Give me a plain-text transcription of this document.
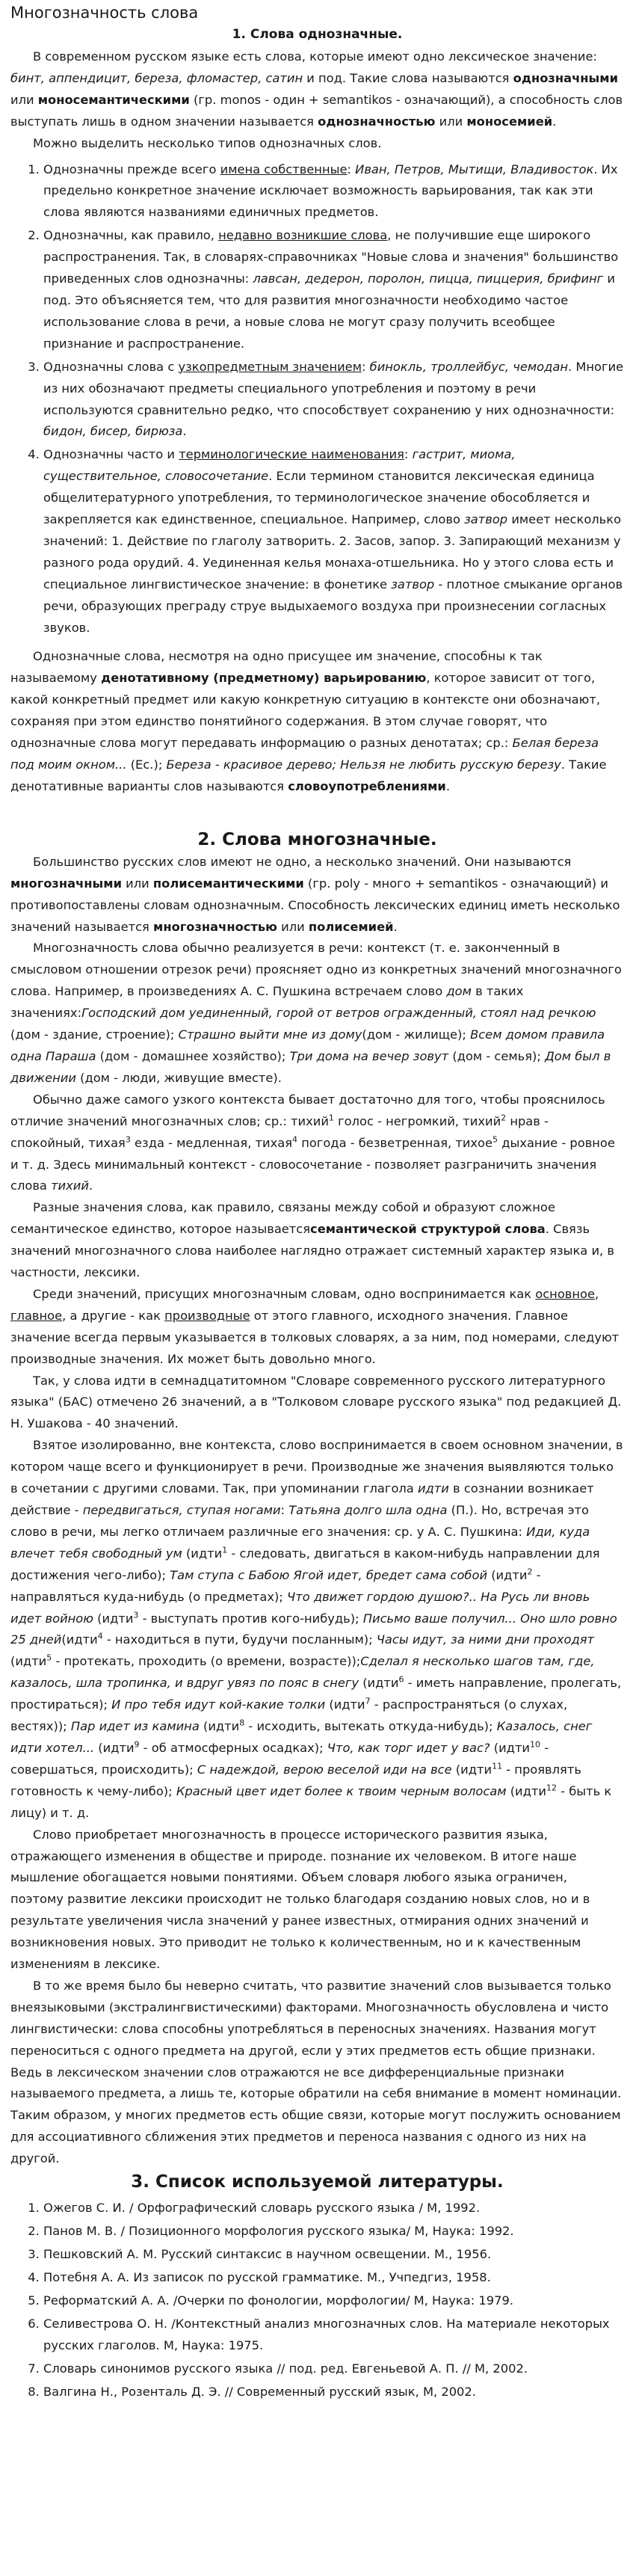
Многозначность слова
1. Слова однозначные.

В современном русском языке есть слова, которые имеют одно лексическое значение: бинт, аппендицит, береза, фломастер, сатин и под. Такие слова называются однозначными или моносемантическими (гр. monos - один + semantikos - означающий), а способность слов выступать лишь в одном значении называется однозначностью или моносемией.

Можно выделить несколько типов однозначных слов.

1. Однозначны прежде всего имена собственные: Иван, Петров, Мытищи, Владивосток. Их предельно конкретное значение исключает возможность варьирования, так как эти слова являются названиями единичных предметов.
2. Однозначны, как правило, недавно возникшие слова, не получившие еще широкого распространения. Так, в словарях-справочниках "Новые слова и значения" большинство приведенных слов однозначны: лавсан, дедерон, поролон, пицца, пиццерия, брифинг и под. Это объясняется тем, что для развития многозначности необходимо частое использование слова в речи, а новые слова не могут сразу получить всеобщее признание и распространение.
3. Однозначны слова с узкопредметным значением: бинокль, троллейбус, чемодан. Многие из них обозначают предметы специального употребления и поэтому в речи используются сравнительно редко, что способствует сохранению у них однозначности: бидон, бисер, бирюза.
4. Однозначны часто и терминологические наименования: гастрит, миома, существительное, словосочетание. Если термином становится лексическая единица общелитературного употребления, то терминологическое значение обособляется и закрепляется как единственное, специальное. Например, слово затвор имеет несколько значений: 1. Действие по глаголу затворить. 2. Засов, запор. 3. Запирающий механизм у разного рода орудий. 4. Уединенная келья монаха-отшельника. Но у этого слова есть и специальное лингвистическое значение: в фонетике затвор - плотное смыкание органов речи, образующих преграду струе выдыхаемого воздуха при произнесении согласных звуков.

Однозначные слова, несмотря на одно присущее им значение, способны к так называемому денотативному (предметному) варьированию, которое зависит от того, какой конкретный предмет или какую конкретную ситуацию в контексте они обозначают, сохраняя при этом единство понятийного содержания. В этом случае говорят, что однозначные слова могут передавать информацию о разных денотатах; ср.: Белая береза под моим окном... (Ес.); Береза - красивое дерево; Нельзя не любить русскую березу. Такие денотативные варианты слов называются словоупотреблениями.

2. Слова многозначные.

Большинство русских слов имеют не одно, а несколько значений. Они называются многозначными или полисемантическими (гр. poly - много + semantikos - означающий) и противопоставлены словам однозначным. Способность лексических единиц иметь несколько значений называется многозначностью или полисемией.

Многозначность слова обычно реализуется в речи: контекст (т. е. законченный в смысловом отношении отрезок речи) проясняет одно из конкретных значений многозначного слова. Например, в произведениях А. С. Пушкина встречаем слово дом в таких значениях:Господский дом уединенный, горой от ветров огражденный, стоял над речкою (дом - здание, строение); Страшно выйти мне из дому(дом - жилище); Всем домом правила одна Параша (дом - домашнее хозяйство); Три дома на вечер зовут (дом - семья); Дом был в движении (дом - люди, живущие вместе).

Обычно даже самого узкого контекста бывает достаточно для того, чтобы прояснилось отличие значений многозначных слов; ср.: тихий$^1$ голос - негромкий, тихий$^2$ нрав - спокойный, тихая$^3$ езда - медленная, тихая$^4$ погода - безветренная, тихое$^5$ дыхание - ровное и т. д. Здесь минимальный контекст - словосочетание - позволяет разграничить значения слова тихий.

Разные значения слова, как правило, связаны между собой и образуют сложное семантическое единство, которое называетсясемантической структурой слова. Связь значений многозначного слова наиболее наглядно отражает системный характер языка и, в частности, лексики.

Среди значений, присущих многозначным словам, одно воспринимается как основное, главное, а другие - как производные от этого главного, исходного значения. Главное значение всегда первым указывается в толковых словарях, а за ним, под номерами, следуют производные значения. Их может быть довольно много.

Так, у слова идти в семнадцатитомном "Словаре современного русского литературного языка" (БАС) отмечено 26 значений, а в "Толковом словаре русского языка" под редакцией Д. Н. Ушакова - 40 значений.

Взятое изолированно, вне контекста, слово воспринимается в своем основном значении, в котором чаще всего и функционирует в речи. Производные же значения выявляются только в сочетании с другими словами. Так, при упоминании глагола идти в сознании возникает действие - передвигаться, ступая ногами: Татьяна долго шла одна (П.). Но, встречая это слово в речи, мы легко отличаем различные его значения: ср. у А. С. Пушкина: Иди, куда влечет тебя свободный ум (идти$^1$ - следовать, двигаться в каком-нибудь направлении для достижения чего-либо); Там ступа с Бабою Ягой идет, бредет сама собой (идти$^2$ - направляться куда-нибудь (о предметах); Что движет гордою душою?.. На Русь ли вновь идет войною (идти$^3$ - выступать против кого-нибудь); Письмо ваше получил... Оно шло ровно 25 дней(идти$^4$ - находиться в пути, будучи посланным); Часы идут, за ними дни проходят (идти$^5$ - протекать, проходить (о времени, возрасте));Сделал я несколько шагов там, где, казалось, шла тропинка, и вдруг увяз по пояс в снегу (идти$^6$ - иметь направление, пролегать, простираться); И про тебя идут кой-какие толки (идти$^7$ - распространяться (о слухах, вестях)); Пар идет из камина (идти$^8$ - исходить, вытекать откуда-нибудь); Казалось, снег идти хотел... (идти$^9$ - об атмосферных осадках); Что, как торг идет у вас? (идти$^{10}$ - совершаться, происходить); С надеждой, верою веселой иди на все (идти$^{11}$ - проявлять готовность к чему-либо); Красный цвет идет более к твоим черным волосам (идти$^{12}$ - быть к лицу) и т. д.

Слово приобретает многозначность в процессе исторического развития языка, отражающего изменения в обществе и природе. познание их человеком. В итоге наше мышление обогащается новыми понятиями. Объем словаря любого языка ограничен, поэтому развитие лексики происходит не только благодаря созданию новых слов, но и в результате увеличения числа значений у ранее известных, отмирания одних значений и возникновения новых. Это приводит не только к количественным, но и к качественным изменениям в лексике.

В то же время было бы неверно считать, что развитие значений слов вызывается только внеязыковыми (экстралингвистическими) факторами. Многозначность обусловлена и чисто лингвистически: слова способны употребляться в переносных значениях. Названия могут переноситься с одного предмета на другой, если у этих предметов есть общие признаки. Ведь в лексическом значении слов отражаются не все дифференциальные признаки называемого предмета, а лишь те, которые обратили на себя внимание в момент номинации. Таким образом, у многих предметов есть общие связи, которые могут послужить основанием для ассоциативного сближения этих предметов и переноса названия с одного из них на другой.

3. Список используемой литературы.
1. Ожегов С. И. / Орфографический словарь русского языка / М, 1992.
2. Панов М. В. / Позиционного морфология русского языка/ М, Наука: 1992.
3. Пешковский А. М. Русский синтаксис в научном освещении. М., 1956.
4. Потебня А. А. Из записок по русской грамматике. М., Учпедгиз, 1958.
5. Реформатский А. А. /Очерки по фонологии, морфологии/ М, Наука: 1979.
6. Селивестрова О. Н. /Контекстный анализ многозначных слов. На материале некоторых русских глаголов. М, Наука: 1975.
7. Словарь синонимов русского языка // под. ред. Евгеньевой А. П. // М, 2002.
8. Валгина Н., Розенталь Д. Э. // Современный русский язык, М, 2002.
